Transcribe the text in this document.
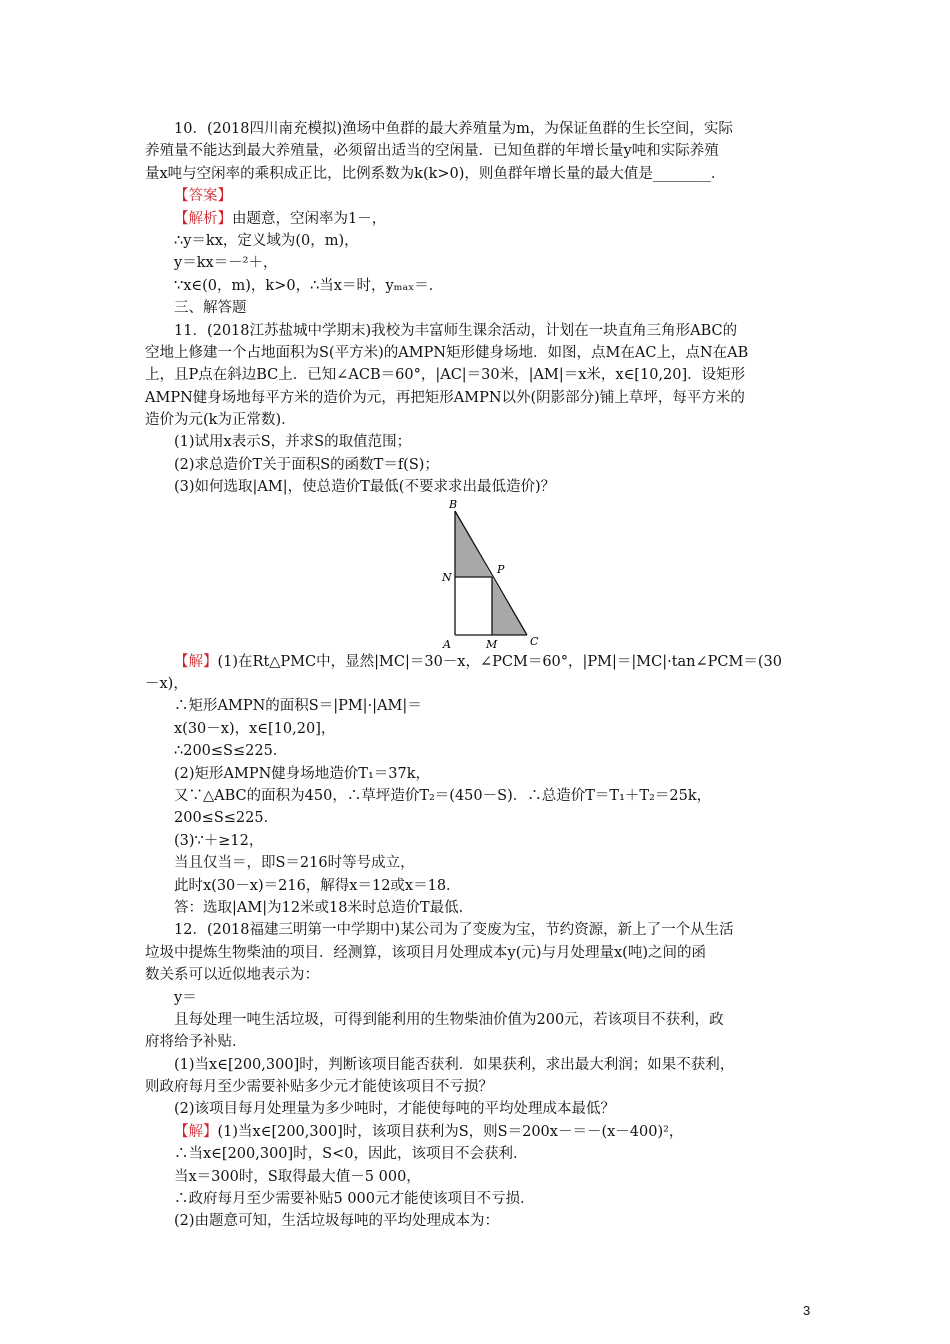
10．(2018四川南充模拟)渔场中鱼群的最大养殖量为m，为保证鱼群的生长空间，实际
养殖量不能达到最大养殖量，必须留出适当的空闲量．已知鱼群的年增长量y吨和实际养殖
量x吨与空闲率的乘积成正比，比例系数为k(k>0)，则鱼群年增长量的最大值是________．
【答案】
【解析】由题意，空闲率为1－，
∴y＝kx，定义域为(0，m)，
y＝kx＝－²＋，
∵x∈(0，m)，k>0，∴当x＝时，yₘₐₓ＝．
三、解答题
11．(2018江苏盐城中学期末)我校为丰富师生课余活动，计划在一块直角三角形ABC的
空地上修建一个占地面积为S(平方米)的AMPN矩形健身场地．如图，点M在AC上，点N在AB
上，且P点在斜边BC上．已知∠ACB＝60°，|AC|＝30米，|AM|＝x米，x∈[10,20]．设矩形
AMPN健身场地每平方米的造价为元，再把矩形AMPN以外(阴影部分)铺上草坪，每平方米的
造价为元(k为正常数)．
(1)试用x表示S，并求S的取值范围；
(2)求总造价T关于面积S的函数T＝f(S)；
(3)如何选取|AM|，使总造价T最低(不要求求出最低造价)？
B
N
P
A	M	C
【解】(1)在Rt△PMC中，显然|MC|＝30－x，∠PCM＝60°，|PM|＝|MC|·tan∠PCM＝(30
－x)，
∴矩形AMPN的面积S＝|PM|·|AM|＝
x(30－x)，x∈[10,20]，
∴200≤S≤225．
(2)矩形AMPN健身场地造价T₁＝37k，
又∵△ABC的面积为450，∴草坪造价T₂＝(450－S)．∴总造价T＝T₁＋T₂＝25k，
200≤S≤225．
(3)∵＋≥12，
当且仅当＝，即S＝216时等号成立，
此时x(30－x)＝216，解得x＝12或x＝18．
答：选取|AM|为12米或18米时总造价T最低．
12．(2018福建三明第一中学期中)某公司为了变废为宝，节约资源，新上了一个从生活
垃圾中提炼生物柴油的项目．经测算，该项目月处理成本y(元)与月处理量x(吨)之间的函
数关系可以近似地表示为：
y＝
且每处理一吨生活垃圾，可得到能利用的生物柴油价值为200元，若该项目不获利，政
府将给予补贴．
(1)当x∈[200,300]时，判断该项目能否获利．如果获利，求出最大利润；如果不获利，
则政府每月至少需要补贴多少元才能使该项目不亏损？
(2)该项目每月处理量为多少吨时，才能使每吨的平均处理成本最低？
【解】(1)当x∈[200,300]时，该项目获利为S，则S＝200x－＝－(x－400)²，
∴当x∈[200,300]时，S<0，因此，该项目不会获利．
当x＝300时，S取得最大值－5 000，
∴政府每月至少需要补贴5 000元才能使该项目不亏损．
(2)由题意可知，生活垃圾每吨的平均处理成本为：
3
